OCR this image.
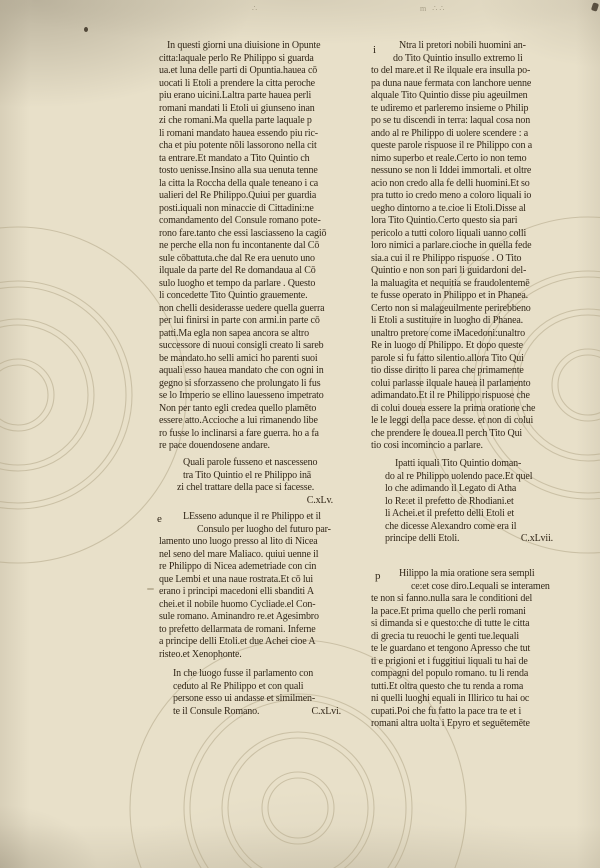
∴	m ∴∴
In questi giorni una diuisione in Opunte
citta:laquale perlo Re Philippo si guarda
ua.et luna delle parti di Opuntia.hauea cō
uocati li Etoli a prendere la citta peroche
piu erano uicini.Laltra parte hauea perli
romani mandati li Etoli ui giunseno inan
zi che romani.Ma quella parte laquale p
li romani mandato hauea essendo piu ric-
cha et piu potente nōli lassorono nella cit
ta entrare.Et mandato a Tito Quintio ch
tosto uenisse.Insino alla sua uenuta tenne
la citta la Roccha della quale teneano i ca
ualieri del Re Philippo.Quiui per guardia
posti.iquali non minaccie di Cittadini:ne
comandamento del Consule romano pote-
rono fare.tanto che essi lasciasseno la cagiō
ne perche ella non fu incontanente dal Cō
sule cōbattuta.che dal Re era uenuto uno
ilquale da parte del Re domandaua al Cō
sulo luogho et tempo da parlare . Questo
li concedette Tito Quintio grauemente.
non chelli desiderasse uedere quella guerra
per lui finirsi in parte con armi.in parte cō
patti.Ma egla non sapea ancora se altro
successore di nuoui consigli creato li sareb
be mandato.ho selli amici ho parenti suoi
aquali esso hauea mandato che con ogni in
gegno si sforzasseno che prolungato li fus
se lo Imperio se ellino lauesseno impetrato
Non per tanto egli credea quello plamēto
essere atto.Accioche a lui rimanendo libe
ro fusse lo inclinarsi a fare guerra. ho a fa
re pace douendosene andare.
Quali parole fusseno et nascesseno
tra Tito Quintio el re Philippo inā
zi chel trattare della pace si facesse.
C.xLv.
e	LEsseno adunque il re Philippo et il
Consulo per luogho del futuro par-
lamento uno luogo presso al lito di Nicea
nel seno del mare Maliaco. quiui uenne il
re Philippo di Nicea ademetriade con cin
que Lembi et una naue rostrata.Et cō lui
erano i principi macedoni elli sbanditi A
chei.et il nobile huomo Cycliade.el Con-
sule romano. Aminandro re.et Agesimbro
to prefetto dellarmata de romani. Inferne
a principe delli Etoli.et due Achei cioe A
risteo.et Xenophonte.
In che luogo fusse il parlamento con
ceduto al Re Philippo et con quali
persone esso ui andasse et similmen-
te il Consule Romano.	C.xLvi.
i	Ntra li pretori nobili huomini an-
do Tito Quintio insullo extremo li
to del mare.et il Re ilquale era insulla po-
pa duna naue fermata con lanchore uenne
alquale Tito Quintio disse piu ageuilmen
te udiremo et parleremo insieme o Philip
po se tu discendi in terra: laqual cosa non
ando al re Philippo di uolere scendere : a
queste parole rispuose il re Philippo con a
nimo superbo et reale.Certo io non temo
nessuno se non li Iddei immortali. et oltre
acio non credo alla fe delli huomini.Et so
pra tutto io credo meno a coloro liquali io
uegho dintorno a te.cioe li Etoli.Disse al
lora Tito Quintio.Certo questo sia pari
pericolo a tutti coloro liquali uanno colli
loro nimici a parlare.cioche in quella fede
sia.a cui il re Philippo rispuose . O Tito
Quintio e non son pari li guidardoni del-
la maluagita et nequitia se fraudolentemē
te fusse operato in Philippo et in Phanea.
Certo non si malageuilmente perirebbeno
li Etoli a sustituire in luogho di Phanea.
unaltro pretore come iMacedoni:unaltro
Re in luogo di Philippo. Et dopo queste
parole si fu fatto silentio.allora Tito Qui
tio disse diritto li parea che primamente
colui parlasse ilquale hauea il parlamento
adimandato.Et il re Philippo rispuose che
di colui douea essere la prima oratione che
le le leggi della pace desse. et non di colui
che prendere le douea.Il perch Tito Qui
tio cosi incomincio a parlare.
Ipatti iquali Tito Quintio doman-
do al re Philippo uolendo pace.Et quel
lo che adimando il Legato di Atha
lo Re:et il prefetto de Rhodiani.et
li Achei.et il prefetto delli Etoli et
che dicesse Alexandro come era il
principe delli Etoli.	C.xLvii.
p	Hilippo la mia oratione sera sempli
ce:et cose diro.Lequali se interamen
te non si fanno.nulla sara le conditioni del
la pace.Et prima quello che perli romani
si dimanda si e questo:che di tutte le citta
di grecia tu reuochi le genti tue.lequali
te le guardano et tengono Apresso che tut
ti e prigioni et i fuggitiui liquali tu hai de
compagni del populo romano. tu li renda
tutti.Et oltra questo che tu renda a roma
ni quelli luoghi equali in Illirico tu hai oc
cupati.Poi che fu fatto la pace tra te et i
romani altra uolta i Epyro et seguētemēte
